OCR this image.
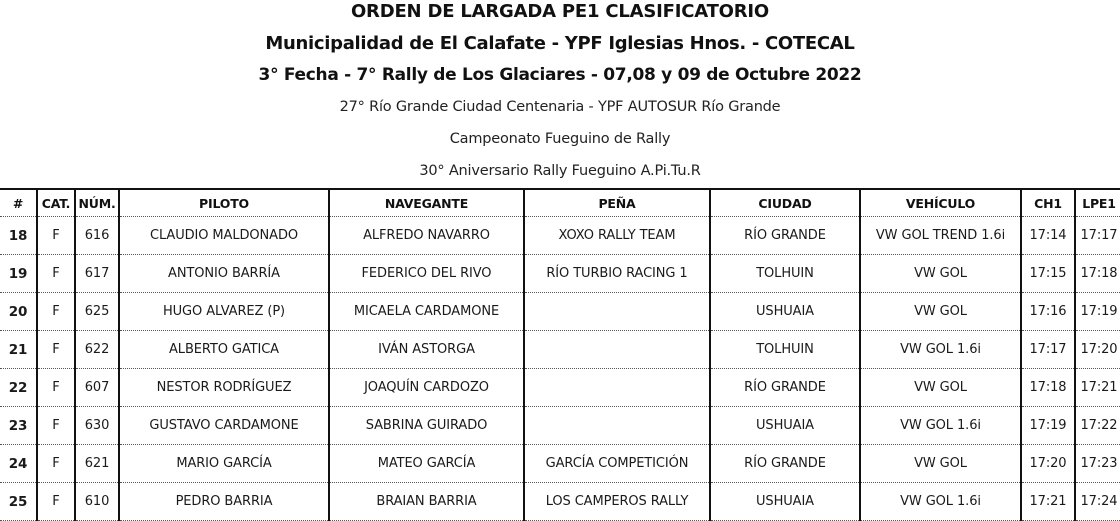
ORDEN DE LARGADA PE1 CLASIFICATORIO
Municipalidad de El Calafate - YPF Iglesias Hnos. - COTECAL
3° Fecha - 7° Rally de Los Glaciares - 07,08 y 09 de Octubre 2022
27° Río Grande Ciudad Centenaria - YPF AUTOSUR Río Grande
Campeonato Fueguino de Rally
30° Aniversario Rally Fueguino A.Pi.Tu.R
#	CAT.	NÚM.	PILOTO	NAVEGANTE	PEÑA	CIUDAD	VEHÍCULO	CH1	LPE1
18	F	616	CLAUDIO MALDONADO	ALFREDO NAVARRO	XOXO RALLY TEAM	RÍO GRANDE	VW GOL TREND 1.6i	17:14	17:17
19	F	617	ANTONIO BARRÍA	FEDERICO DEL RIVO	RÍO TURBIO RACING 1	TOLHUIN	VW GOL	17:15	17:18
20	F	625	HUGO ALVAREZ (P)	MICAELA CARDAMONE		USHUAIA	VW GOL	17:16	17:19
21	F	622	ALBERTO GATICA	IVÁN ASTORGA		TOLHUIN	VW GOL 1.6i	17:17	17:20
22	F	607	NESTOR RODRÍGUEZ	JOAQUÍN CARDOZO		RÍO GRANDE	VW GOL	17:18	17:21
23	F	630	GUSTAVO CARDAMONE	SABRINA GUIRADO		USHUAIA	VW GOL 1.6i	17:19	17:22
24	F	621	MARIO GARCÍA	MATEO GARCÍA	GARCÍA COMPETICIÓN	RÍO GRANDE	VW GOL	17:20	17:23
25	F	610	PEDRO BARRIA	BRAIAN BARRIA	LOS CAMPEROS RALLY	USHUAIA	VW GOL 1.6i	17:21	17:24
